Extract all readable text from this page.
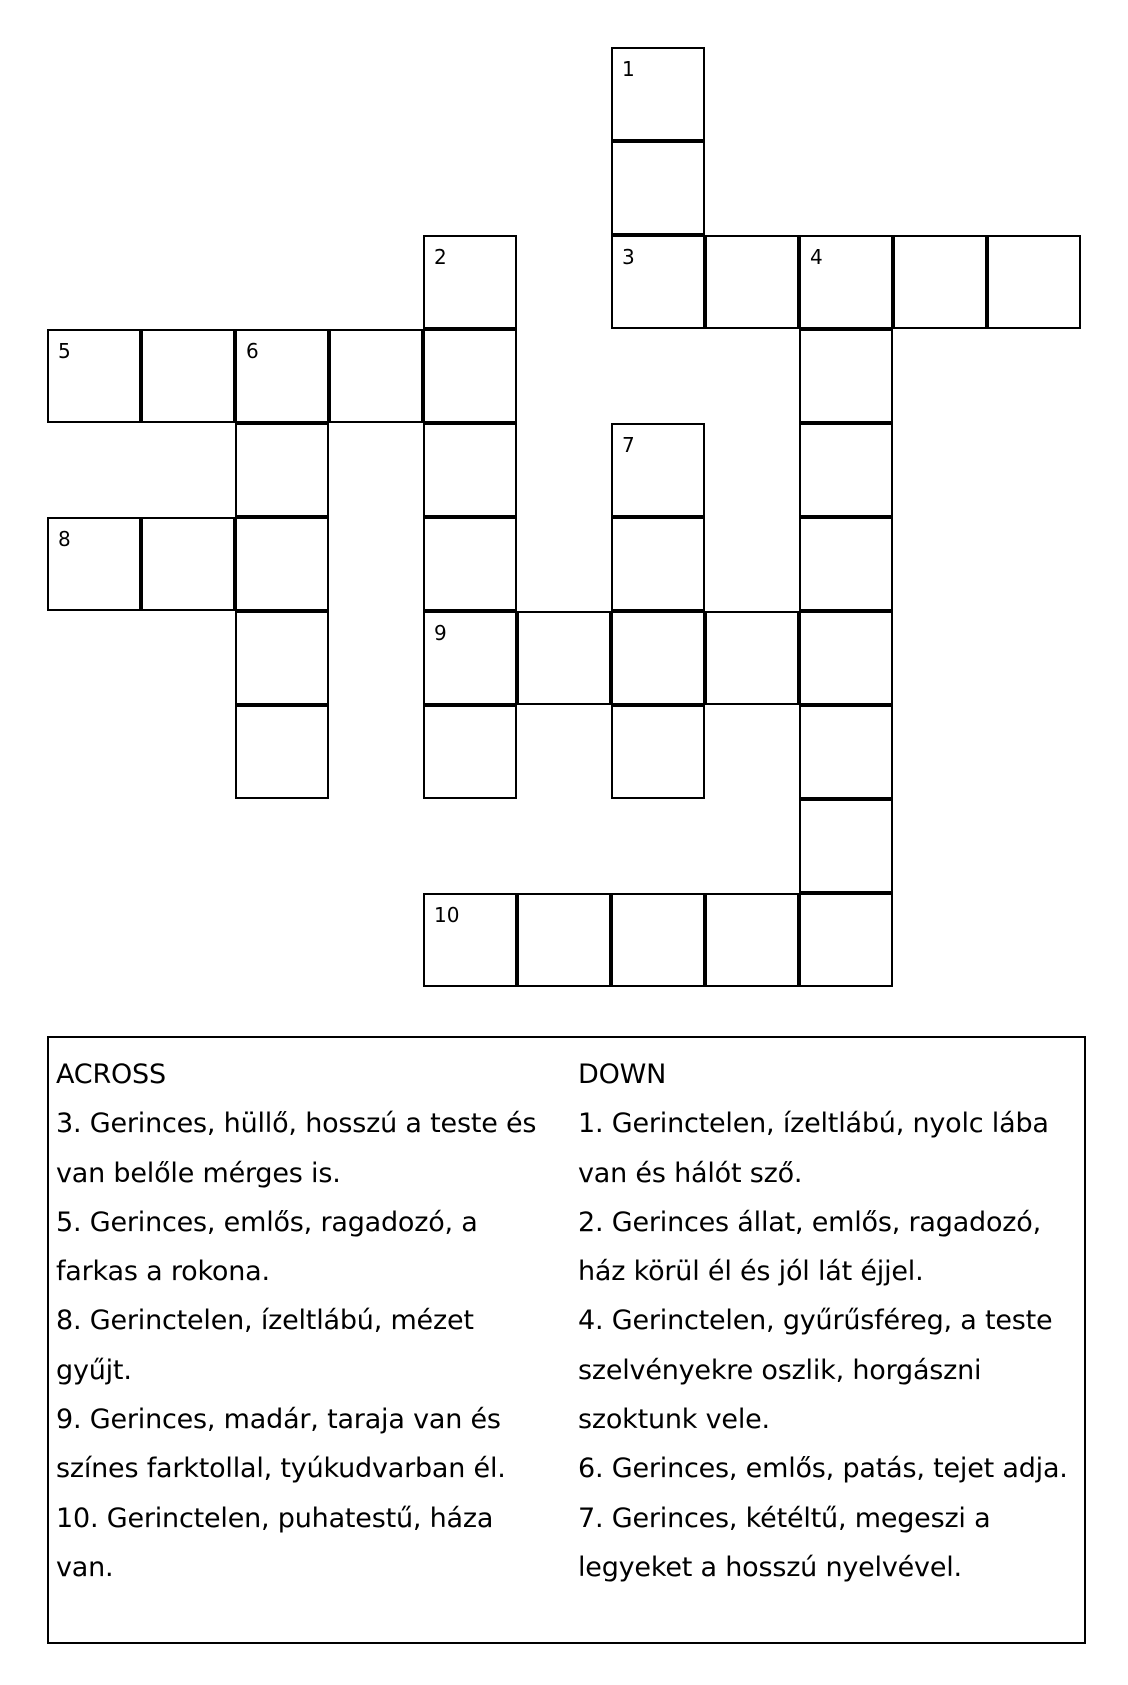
1
2	3	4
5	6
7
8
9
10
ACROSS
3. Gerinces, hüllő, hosszú a teste és
van belőle mérges is.
5. Gerinces, emlős, ragadozó, a
farkas a rokona.
8. Gerinctelen, ízeltlábú, mézet
gyűjt.
9. Gerinces, madár, taraja van és
színes farktollal, tyúkudvarban él.
10. Gerinctelen, puhatestű, háza
van.
DOWN
1. Gerinctelen, ízeltlábú, nyolc lába
van és hálót sző.
2. Gerinces állat, emlős, ragadozó,
ház körül él és jól lát éjjel.
4. Gerinctelen, gyűrűsféreg, a teste
szelvényekre oszlik, horgászni
szoktunk vele.
6. Gerinces, emlős, patás, tejet adja.
7. Gerinces, kétéltű, megeszi a
legyeket a hosszú nyelvével.
